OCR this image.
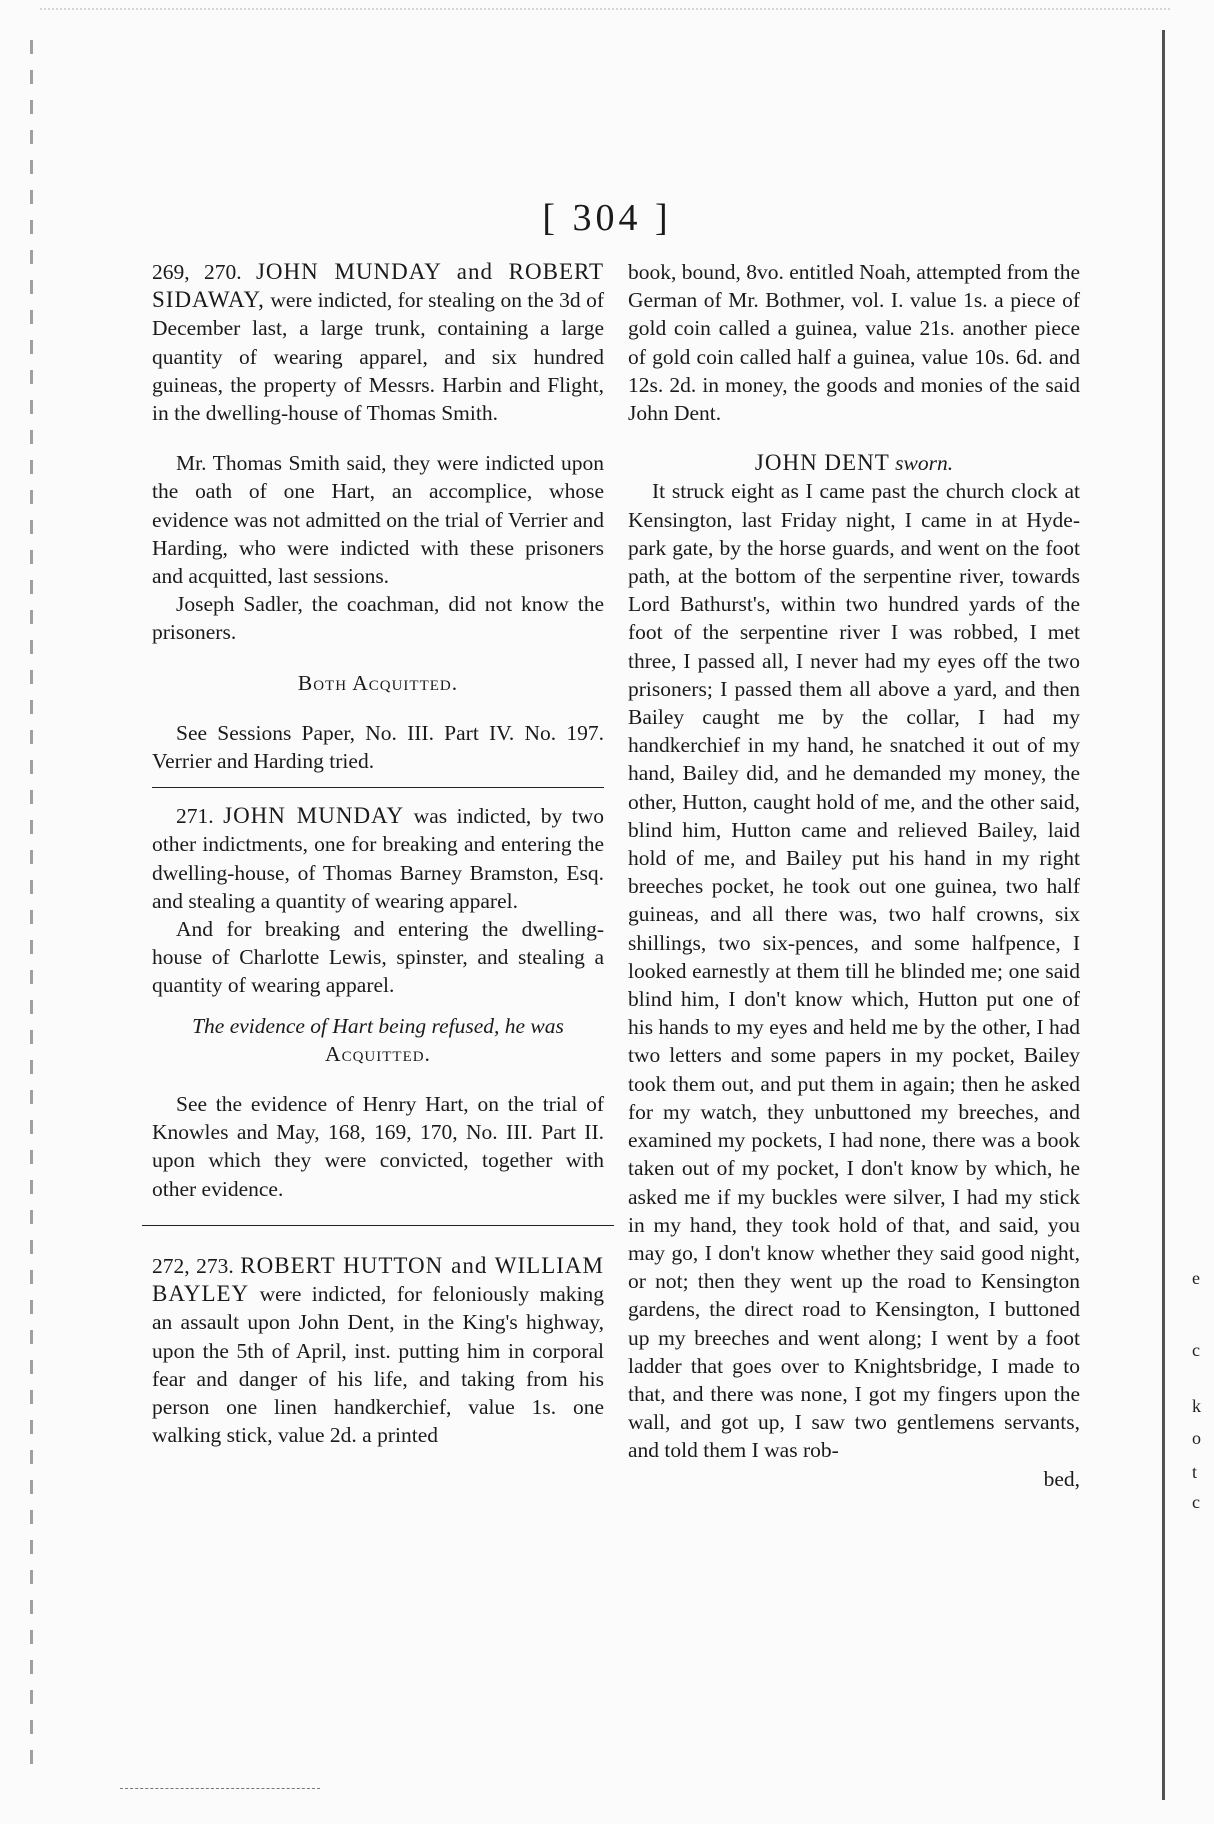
[ 304 ]

269, 270. JOHN MUNDAY and ROBERT SIDAWAY, were indicted, for stealing on the 3d of December last, a large trunk, containing a large quantity of wearing apparel, and six hundred guineas, the property of Messrs. Harbin and Flight, in the dwelling-house of Thomas Smith.

Mr. Thomas Smith said, they were indicted upon the oath of one Hart, an accomplice, whose evidence was not admitted on the trial of Verrier and Harding, who were indicted with these prisoners and acquitted, last sessions.

Joseph Sadler, the coachman, did not know the prisoners.

Both Acquitted.

See Sessions Paper, No. III. Part IV. No. 197. Verrier and Harding tried.

271. JOHN MUNDAY was indicted, by two other indictments, one for breaking and entering the dwelling-house, of Thomas Barney Bramston, Esq. and stealing a quantity of wearing apparel.

And for breaking and entering the dwelling-house of Charlotte Lewis, spinster, and stealing a quantity of wearing apparel.

The evidence of Hart being refused, he was

Acquitted.

See the evidence of Henry Hart, on the trial of Knowles and May, 168, 169, 170, No. III. Part II. upon which they were convicted, together with other evidence.

272, 273. ROBERT HUTTON and WILLIAM BAYLEY were indicted, for feloniously making an assault upon John Dent, in the King's highway, upon the 5th of April, inst. putting him in corporal fear and danger of his life, and taking from his person one linen handkerchief, value 1s. one walking stick, value 2d. a printed

book, bound, 8vo. entitled Noah, attempted from the German of Mr. Bothmer, vol. I. value 1s. a piece of gold coin called a guinea, value 21s. another piece of gold coin called half a guinea, value 10s. 6d. and 12s. 2d. in money, the goods and monies of the said John Dent.

JOHN DENT sworn.

It struck eight as I came past the church clock at Kensington, last Friday night, I came in at Hyde-park gate, by the horse guards, and went on the foot path, at the bottom of the serpentine river, towards Lord Bathurst's, within two hundred yards of the foot of the serpentine river I was robbed, I met three, I passed all, I never had my eyes off the two prisoners; I passed them all above a yard, and then Bailey caught me by the collar, I had my handkerchief in my hand, he snatched it out of my hand, Bailey did, and he demanded my money, the other, Hutton, caught hold of me, and the other said, blind him, Hutton came and relieved Bailey, laid hold of me, and Bailey put his hand in my right breeches pocket, he took out one guinea, two half guineas, and all there was, two half crowns, six shillings, two six-pences, and some halfpence, I looked earnestly at them till he blinded me; one said blind him, I don't know which, Hutton put one of his hands to my eyes and held me by the other, I had two letters and some papers in my pocket, Bailey took them out, and put them in again; then he asked for my watch, they unbuttoned my breeches, and examined my pockets, I had none, there was a book taken out of my pocket, I don't know by which, he asked me if my buckles were silver, I had my stick in my hand, they took hold of that, and said, you may go, I don't know whether they said good night, or not; then they went up the road to Kensington gardens, the direct road to Kensington, I buttoned up my breeches and went along; I went by a foot ladder that goes over to Knightsbridge, I made to that, and there was none, I got my fingers upon the wall, and got up, I saw two gentlemens servants, and told them I was rob-

bed,

e
c
k
o
t
c
